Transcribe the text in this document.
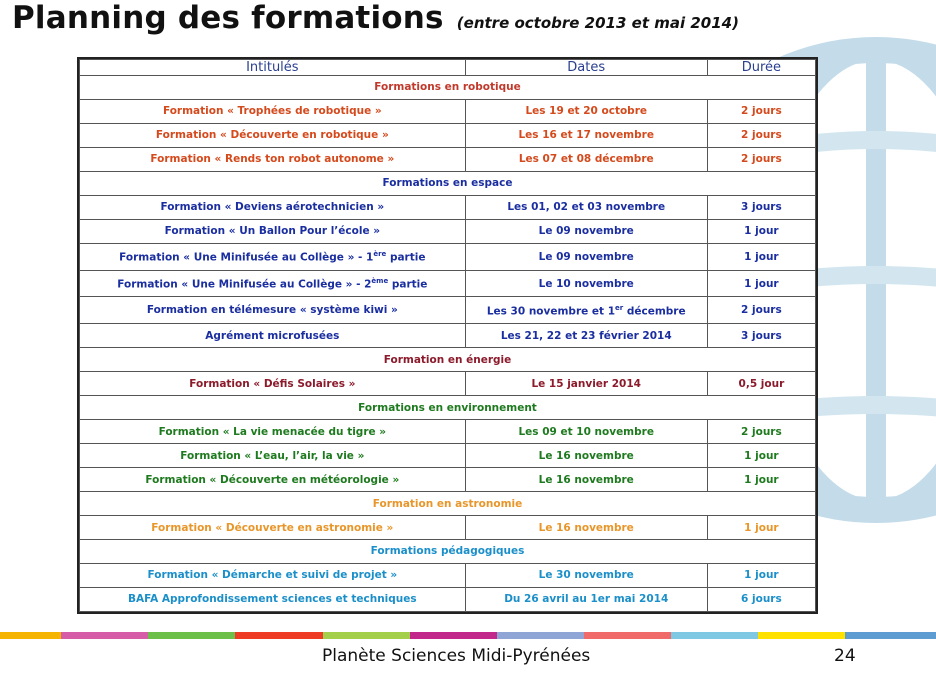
Planning des formations (entre octobre 2013 et mai 2014)
Intitulés	Dates	Durée
Formations en robotique		
Formation « Trophées de robotique »	Les 19 et 20 octobre	2 jours
Formation « Découverte en robotique »	Les 16 et 17 novembre	2 jours
Formation « Rends ton robot autonome »	Les 07 et 08 décembre	2 jours
Formations en espace		
Formation « Deviens aérotechnicien »	Les 01, 02 et 03 novembre	3 jours
Formation « Un Ballon Pour l’école »	Le 09 novembre	1 jour
Formation « Une Minifusée au Collège » - 1ère partie	Le 09 novembre	1 jour
Formation « Une Minifusée au Collège » - 2ème partie	Le 10 novembre	1 jour
Formation en télémesure « système kiwi »	Les 30 novembre et 1er décembre	2 jours
Agrément microfusées	Les 21, 22 et 23 février 2014	3 jours
Formation en énergie		
Formation « Défis Solaires »	Le 15 janvier 2014	0,5 jour
Formations en environnement		
Formation « La vie menacée du tigre »	Les 09 et 10 novembre	2 jours
Formation « L’eau, l’air, la vie »	Le 16 novembre	1 jour
Formation « Découverte en météorologie »	Le 16 novembre	1 jour
Formation en astronomie		
Formation « Découverte en astronomie »	Le 16 novembre	1 jour
Formations pédagogiques		
Formation « Démarche et suivi de projet »	Le 30 novembre	1 jour
BAFA Approfondissement sciences et techniques	Du 26 avril au 1er mai 2014	6 jours
Planète Sciences Midi-Pyrénées	24
